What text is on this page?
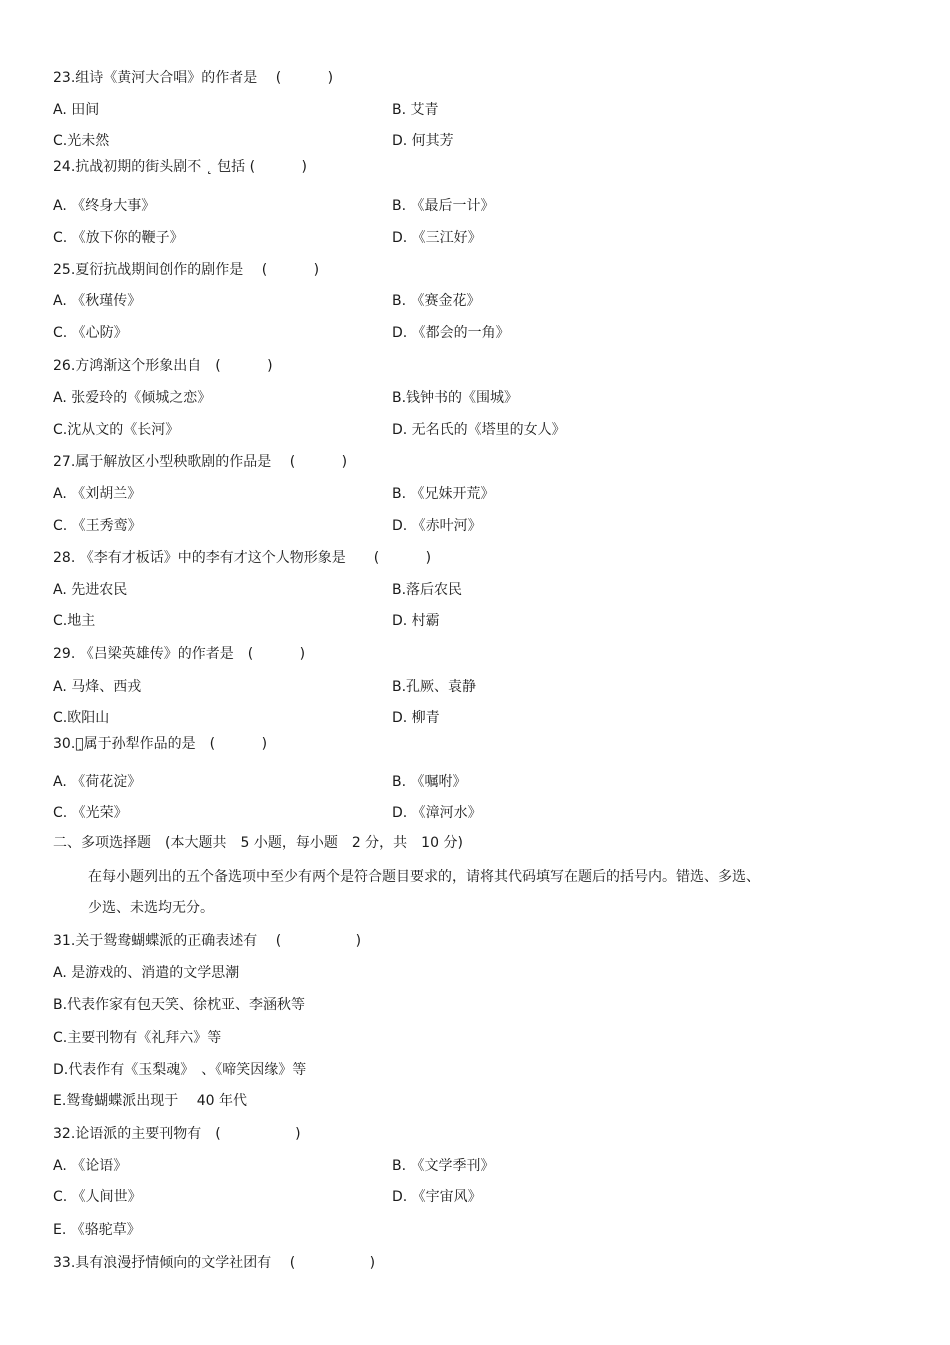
23.组诗《黄河大合唱》的作者是　 (　　　 )
A. 田间	B. 艾青
C.光未然	D. 何其芳
24.抗战初期的街头剧不 ˛ 包括 (　　　 )
A. 《终身大事》	B. 《最后一计》
C. 《放下你的鞭子》	D. 《三江好》
25.夏衍抗战期间创作的剧作是　 (　　　 )
A. 《秋瑾传》	B. 《赛金花》
C. 《心防》	D. 《都会的一角》
26.方鸿渐这个形象出自　(　　　 )
A. 张爱玲的《倾城之恋》	B.钱钟书的《围城》
C.沈从文的《长河》	D. 无名氏的《塔里的女人》
27.属于解放区小型秧歌剧的作品是　 (　　　 )
A. 《刘胡兰》	B. 《兄妹开荒》
C. 《王秀鸾》	D. 《赤叶河》
28. 《李有才板话》中的李有才这个人物形象是　　(　　　 )
A. 先进农民	B.落后农民
C.地主	D. 村霸
29. 《吕梁英雄传》的作者是　(　　　 )
A. 马烽、西戎	B.孔厥、袁静
C.欧阳山	D. 柳青
30.不̣属于孙犁作品的是　(　　　 )
A. 《荷花淀》	B. 《嘱咐》
C. 《光荣》	D. 《漳河水》
二、多项选择题　(本大题共　5 小题，每小题　2 分，共　10 分)
在每小题列出的五个备选项中至少有两个是符合题目要求的，请将其代码填写在题后的括号内。错选、多选、
少选、未选均无分。
31.关于鸳鸯蝴蝶派的正确表述有　 (　　　　　 )
A. 是游戏的、消遣的文学思潮
B.代表作家有包天笑、徐枕亚、李涵秋等
C.主要刊物有《礼拜六》等
D.代表作有《玉梨魂》　、《啼笑因缘》等
E.鸳鸯蝴蝶派出现于　 40 年代
32.论语派的主要刊物有　(　　　　　 )
A. 《论语》	B. 《文学季刊》
C. 《人间世》	D. 《宇宙风》
E. 《骆驼草》
33.具有浪漫抒情倾向的文学社团有　 (　　　　　 )
